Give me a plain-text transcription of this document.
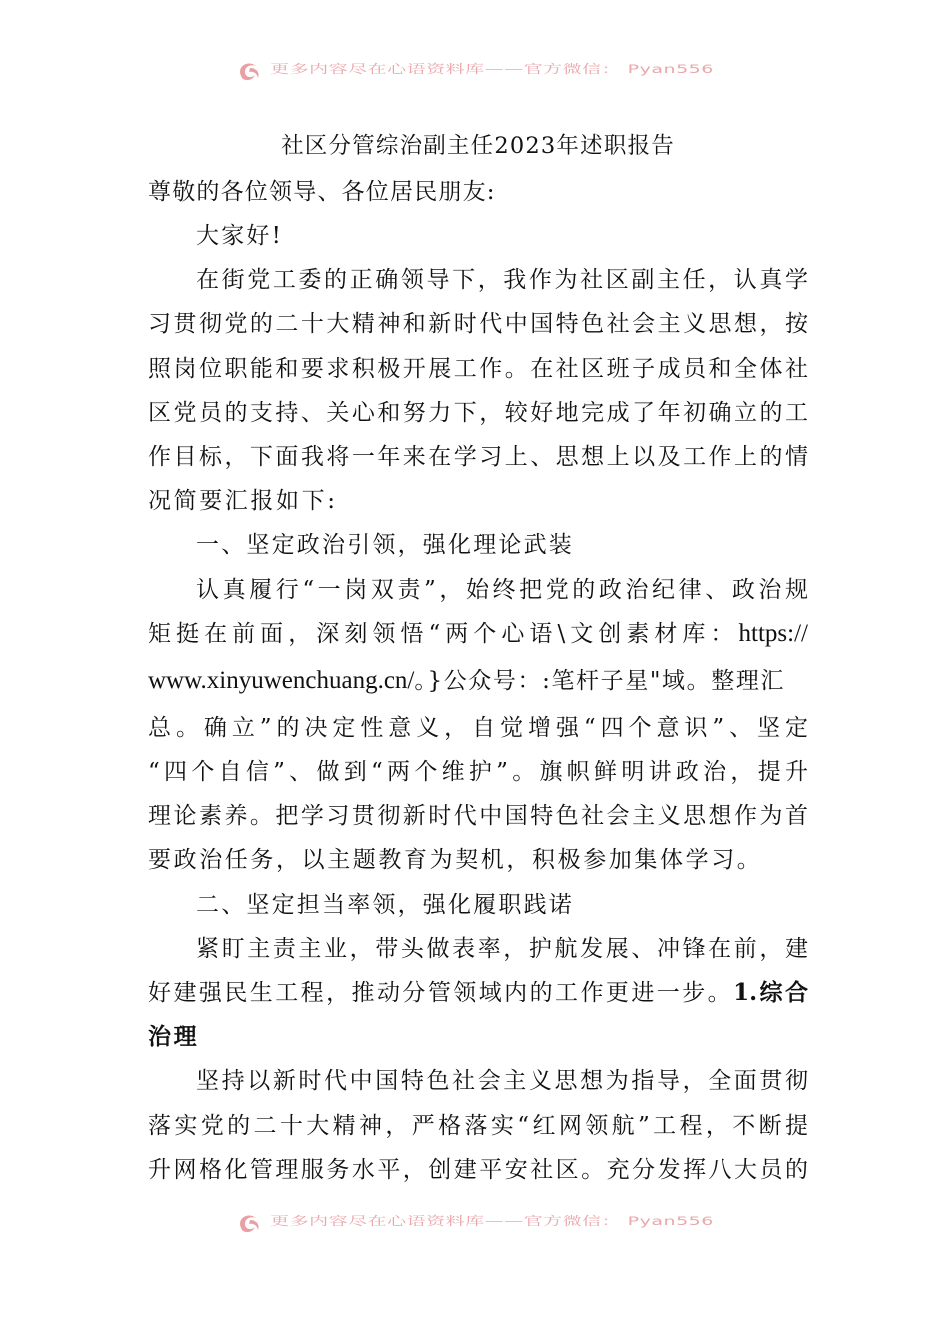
更多内容尽在心语资料库——官方微信： Pyan556
社区分管综治副主任2023年述职报告
尊敬的各位领导、各位居民朋友:
大家好!
在街党工委的正确领导下，我作为社区副主任，认真学
习贯彻党的二十大精神和新时代中国特色社会主义思想，按
照岗位职能和要求积极开展工作。在社区班子成员和全体社
区党员的支持、关心和努力下，较好地完成了年初确立的工
作目标，下面我将一年来在学习上、思想上以及工作上的情
况简要汇报如下:
一、坚定政治引领，强化理论武装
认真履行“一岗双责”，始终把党的政治纪律、政治规
矩挺在前面，深刻领悟“两个心语\文创素材库：https://
www.xinyuwenchuang.cn/。}公众号：:笔杆子星"域。整理汇
总。确立”的决定性意义，自觉增强“四个意识”、坚定
“四个自信”、做到“两个维护”。旗帜鲜明讲政治，提升
理论素养。把学习贯彻新时代中国特色社会主义思想作为首
要政治任务，以主题教育为契机，积极参加集体学习。
二、坚定担当率领，强化履职践诺
紧盯主责主业，带头做表率，护航发展、冲锋在前，建
好建强民生工程，推动分管领域内的工作更进一步。1.综合
治理
坚持以新时代中国特色社会主义思想为指导，全面贯彻
落实党的二十大精神，严格落实“红网领航”工程，不断提
升网格化管理服务水平，创建平安社区。充分发挥八大员的
更多内容尽在心语资料库——官方微信： Pyan556
